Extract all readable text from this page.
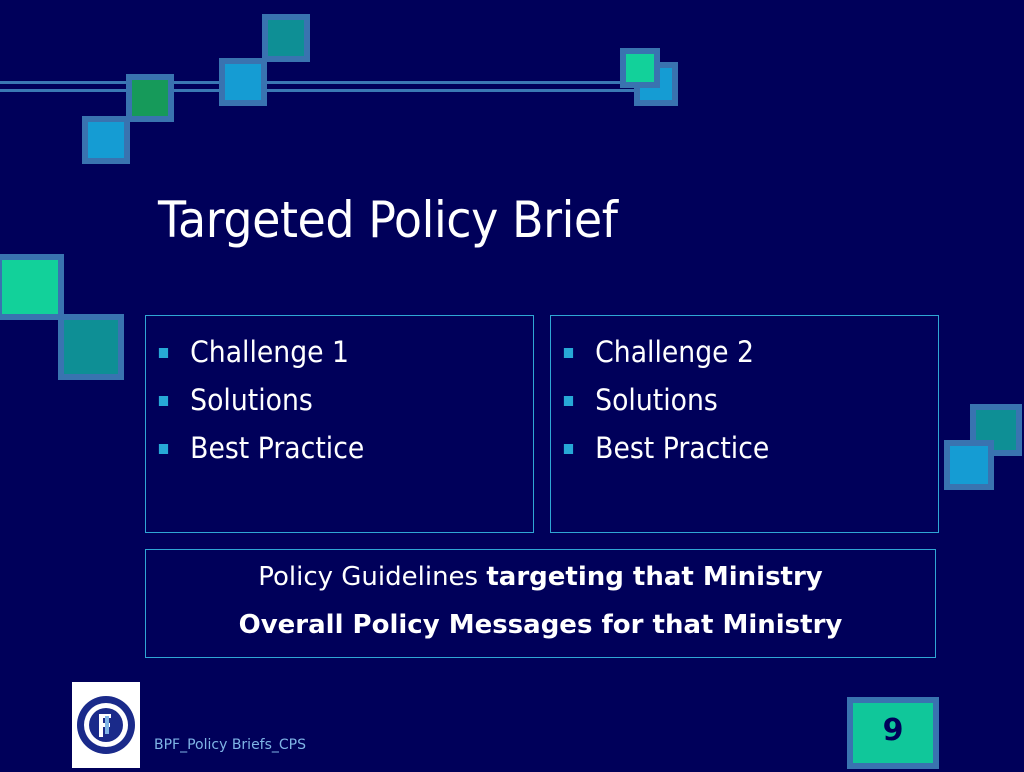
Targeted Policy Brief
Challenge 1
Solutions
Best Practice
Challenge 2
Solutions
Best Practice
Policy Guidelines targeting that Ministry
Overall Policy Messages for that Ministry
BPF_Policy Briefs_CPS	9
